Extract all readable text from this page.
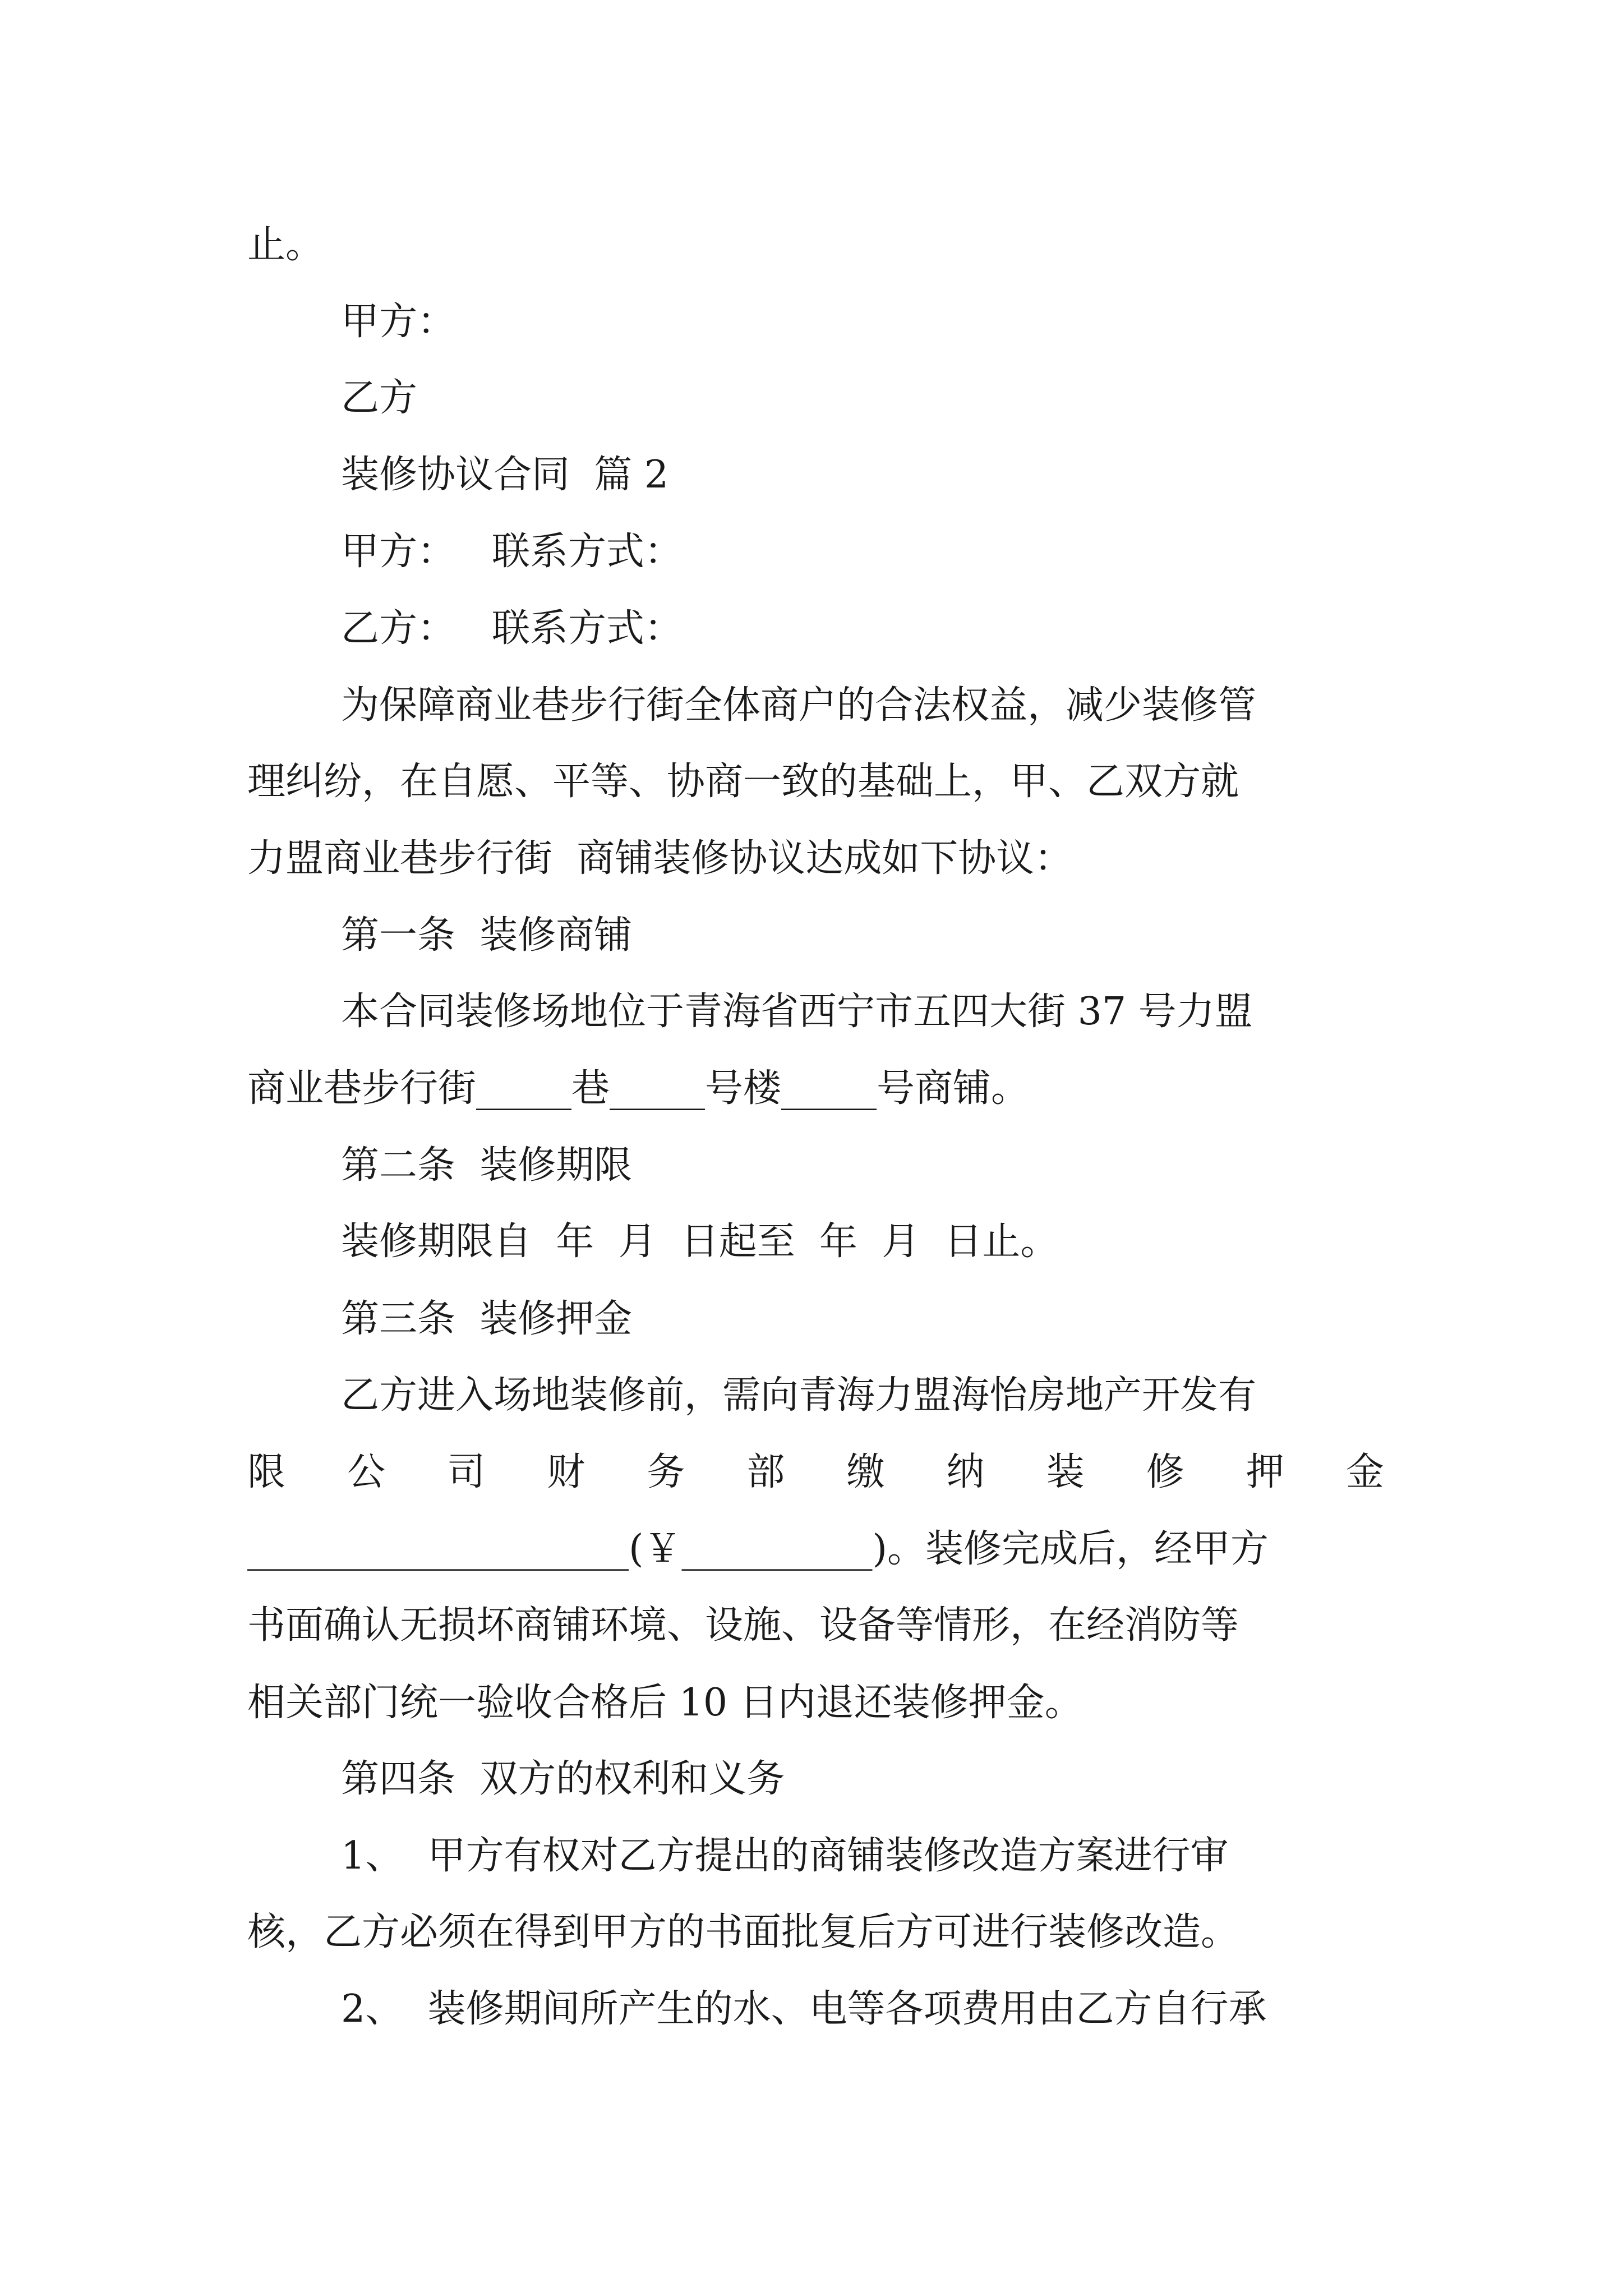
止。

甲方：

乙方

装修协议合同  篇 2

甲方：   联系方式：

乙方：   联系方式：

为保障商业巷步行街全体商户的合法权益，减少装修管

理纠纷，在自愿、平等、协商一致的基础上，甲、乙双方就

力盟商业巷步行街  商铺装修协议达成如下协议：

第一条  装修商铺

本合同装修场地位于青海省西宁市五四大街 37 号力盟

商业巷步行街_____巷_____号楼_____号商铺。

第二条  装修期限

装修期限自  年  月  日起至  年  月  日止。

第三条  装修押金

乙方进入场地装修前，需向青海力盟海怡房地产开发有

限 公 司 财 务 部 缴 纳 装 修 押 金

____________________(￥__________)。装修完成后，经甲方

书面确认无损坏商铺环境、设施、设备等情形，在经消防等

相关部门统一验收合格后 10 日内退还装修押金。

第四条  双方的权利和义务

1、  甲方有权对乙方提出的商铺装修改造方案进行审

核，乙方必须在得到甲方的书面批复后方可进行装修改造。

2、  装修期间所产生的水、电等各项费用由乙方自行承
